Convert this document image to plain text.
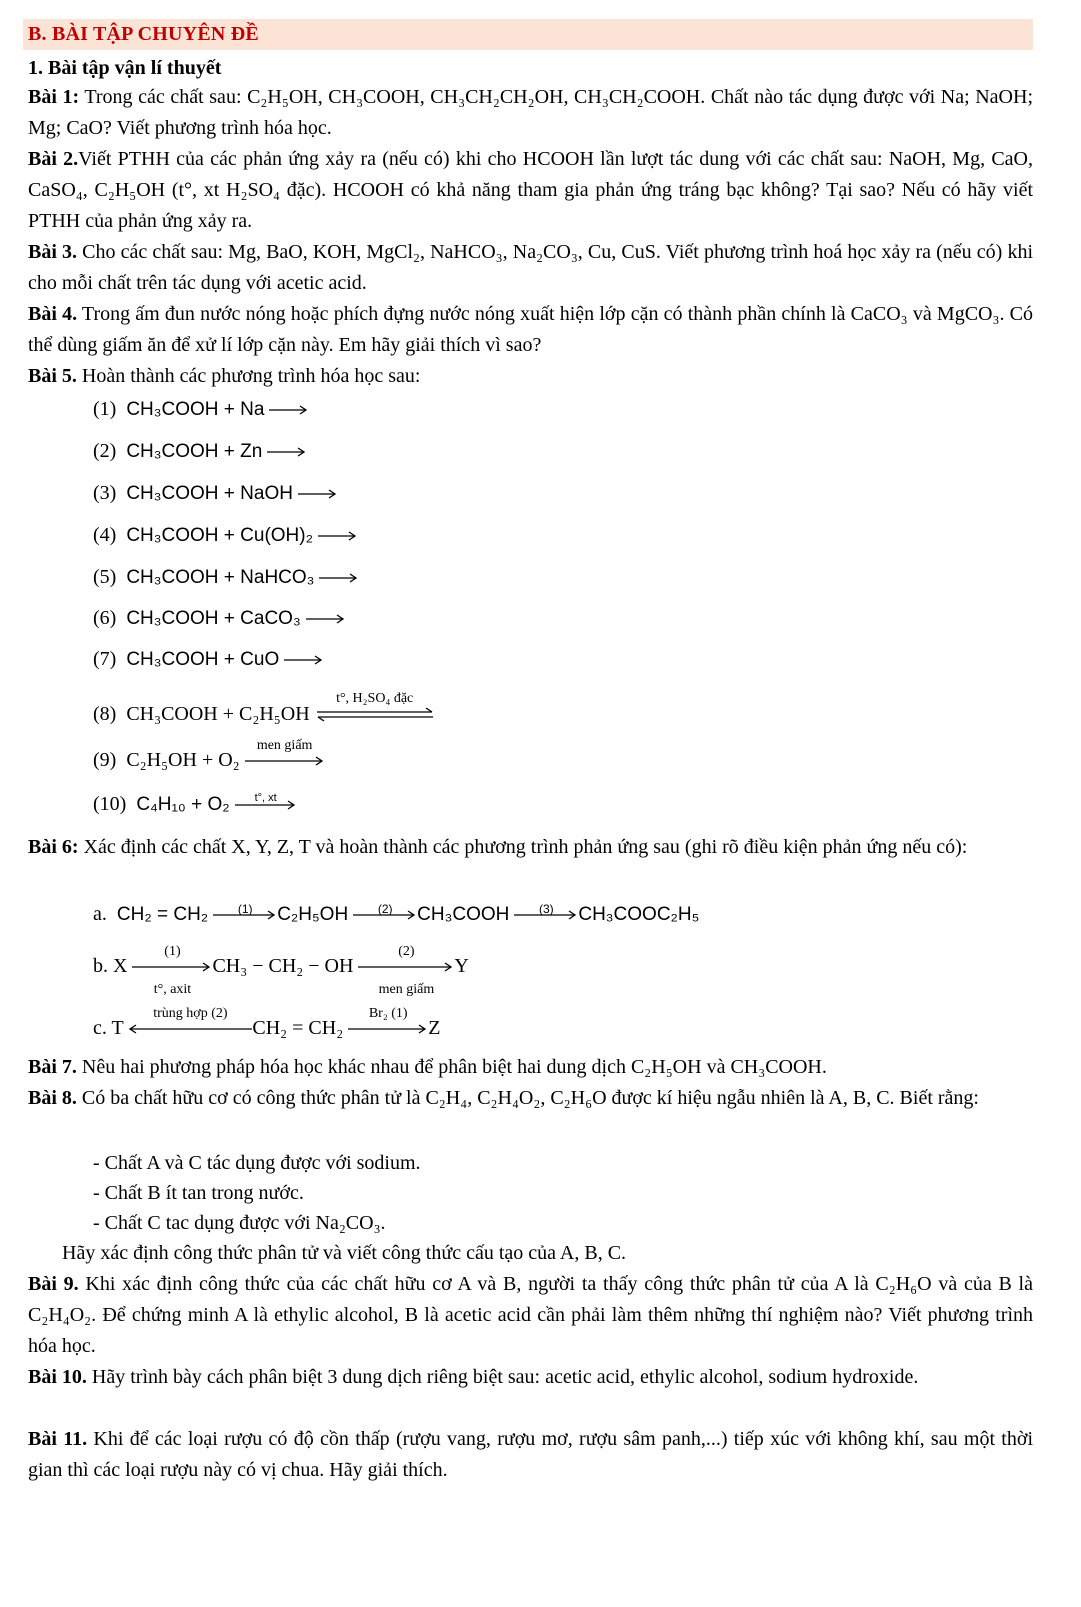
B. BÀI TẬP CHUYÊN ĐỀ
1. Bài tập vận lí thuyết
Bài 1: Trong các chất sau: C₂H₅OH, CH₃COOH, CH₃CH₂CH₂OH, CH₃CH₂COOH. Chất nào tác dụng được với Na; NaOH; Mg; CaO? Viết phương trình hóa học.
Bài 2.Viết PTHH của các phản ứng xảy ra (nếu có) khi cho HCOOH lần lượt tác dung với các chất sau: NaOH, Mg, CaO, CaSO₄, C₂H₅OH (t°, xt H₂SO₄ đặc). HCOOH có khả năng tham gia phản ứng tráng bạc không? Tại sao? Nếu có hãy viết PTHH của phản ứng xảy ra.
Bài 3. Cho các chất sau: Mg, BaO, KOH, MgCl₂, NaHCO₃, Na₂CO₃, Cu, CuS. Viết phương trình hoá học xảy ra (nếu có) khi cho mỗi chất trên tác dụng với acetic acid.
Bài 4. Trong ấm đun nước nóng hoặc phích đựng nước nóng xuất hiện lớp cặn có thành phần chính là CaCO₃ và MgCO₃. Có thể dùng giấm ăn để xử lí lớp cặn này. Em hãy giải thích vì sao?
Bài 5. Hoàn thành các phương trình hóa học sau:
(1) CH₃COOH + Na →
(2) CH₃COOH + Zn →
(3) CH₃COOH + NaOH →
(4) CH₃COOH + Cu(OH)₂ →
(5) CH₃COOH + NaHCO₃ →
(6) CH₃COOH + CaCO₃ →
(7) CH₃COOH + CuO →
(8) CH₃COOH + C₂H₅OH
t°, H₂SO₄ đặc
(9) C₂H₅OH + O₂
men giấm
(10) C₄H₁₀ + O₂	t°, xt
Bài 6: Xác định các chất X, Y, Z, T và hoàn thành các phương trình phản ứng sau (ghi rõ điều kiện phản ứng nếu có):
a. CH₂ = CH₂	(1)	C₂H₅OH	(2)	CH₃COOH	(3)	CH₃COOC₂H₅
b. X
(1)
t°, axit
CH₃ − CH₂ − OH
(2)
men giấm
Y
c. T
trùng hợp (2)
CH₂ = CH₂
Br₂ (1)
Z
Bài 7. Nêu hai phương pháp hóa học khác nhau để phân biệt hai dung dịch C₂H₅OH và CH₃COOH.
Bài 8. Có ba chất hữu cơ có công thức phân tử là C₂H₄, C₂H₄O₂, C₂H₆O được kí hiệu ngẫu nhiên là A, B, C. Biết rằng:
- Chất A và C tác dụng được với sodium.
- Chất B ít tan trong nước.
- Chất C tac dụng được với Na₂CO₃.
Hãy xác định công thức phân tử và viết công thức cấu tạo của A, B, C.
Bài 9. Khi xác định công thức của các chất hữu cơ A và B, người ta thấy công thức phân tử của A là C₂H₆O và của B là C₂H₄O₂. Để chứng minh A là ethylic alcohol, B là acetic acid cần phải làm thêm những thí nghiệm nào? Viết phương trình hóa học.
Bài 10. Hãy trình bày cách phân biệt 3 dung dịch riêng biệt sau: acetic acid, ethylic alcohol, sodium hydroxide.
Bài 11. Khi để các loại rượu có độ cồn thấp (rượu vang, rượu mơ, rượu sâm panh,...) tiếp xúc với không khí, sau một thời gian thì các loại rượu này có vị chua. Hãy giải thích.
